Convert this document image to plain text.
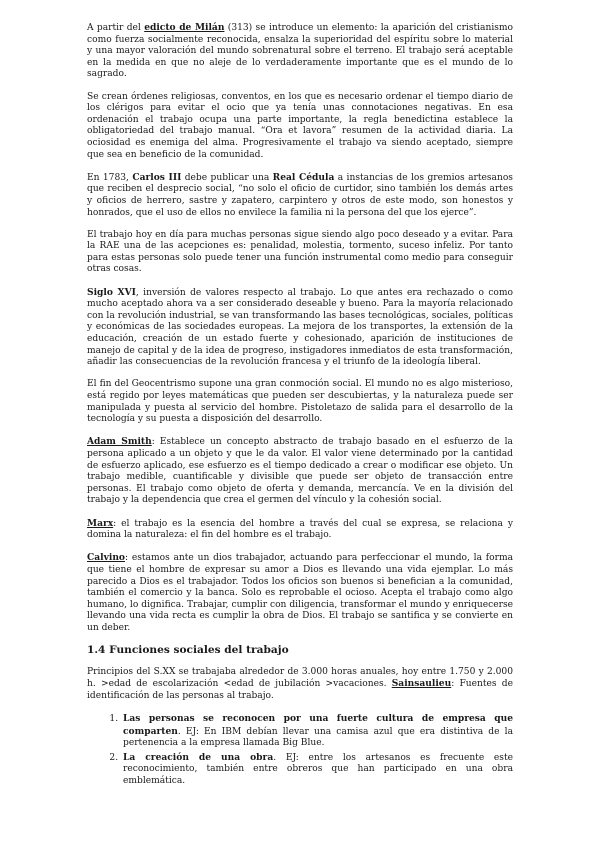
A partir del edicto de Milán (313) se introduce un elemento: la aparición del cristianismo como fuerza socialmente reconocida, ensalza la superioridad del espíritu sobre lo material y una mayor valoración del mundo sobrenatural sobre el terreno. El trabajo será aceptable en la medida en que no aleje de lo verdaderamente importante que es el mundo de lo sagrado.

Se crean órdenes religiosas, conventos, en los que es necesario ordenar el tiempo diario de los clérigos para evitar el ocio que ya tenía unas connotaciones negativas. En esa ordenación el trabajo ocupa una parte importante, la regla benedictina establece la obligatoriedad del trabajo manual. “Ora et lavora” resumen de la actividad diaria. La ociosidad es enemiga del alma. Progresivamente el trabajo va siendo aceptado, siempre que sea en beneficio de la comunidad.

En 1783, Carlos III debe publicar una Real Cédula a instancias de los gremios artesanos que reciben el desprecio social, “no solo el oficio de curtidor, sino también los demás artes y oficios de herrero, sastre y zapatero, carpintero y otros de este modo, son honestos y honrados, que el uso de ellos no envilece la familia ni la persona del que los ejerce”.

El trabajo hoy en día para muchas personas sigue siendo algo poco deseado y a evitar. Para la RAE una de las acepciones es: penalidad, molestia, tormento, suceso infeliz. Por tanto para estas personas solo puede tener una función instrumental como medio para conseguir otras cosas.

Siglo XVI, inversión de valores respecto al trabajo. Lo que antes era rechazado o como mucho aceptado ahora va a ser considerado deseable y bueno. Para la mayoría relacionado con la revolución industrial, se van transformando las bases tecnológicas, sociales, políticas y económicas de las sociedades europeas. La mejora de los transportes, la extensión de la educación, creación de un estado fuerte y cohesionado, aparición de instituciones de manejo de capital y de la idea de progreso, instigadores inmediatos de esta transformación, añadir las consecuencias de la revolución francesa y el triunfo de la ideología liberal.

El fin del Geocentrismo supone una gran conmoción social. El mundo no es algo misterioso, está regido por leyes matemáticas que pueden ser descubiertas, y la naturaleza puede ser manipulada y puesta al servicio del hombre. Pistoletazo de salida para el desarrollo de la tecnología y su puesta a disposición del desarrollo.

Adam Smith: Establece un concepto abstracto de trabajo basado en el esfuerzo de la persona aplicado a un objeto y que le da valor. El valor viene determinado por la cantidad de esfuerzo aplicado, ese esfuerzo es el tiempo dedicado a crear o modificar ese objeto. Un trabajo medible, cuantificable y divisible que puede ser objeto de transacción entre personas. El trabajo como objeto de oferta y demanda, mercancía. Ve en la división del trabajo y la dependencia que crea el germen del vínculo y la cohesión social.

Marx: el trabajo es la esencia del hombre a través del cual se expresa, se relaciona y domina la naturaleza: el fin del hombre es el trabajo.

Calvino: estamos ante un dios trabajador, actuando para perfeccionar el mundo, la forma que tiene el hombre de expresar su amor a Dios es llevando una vida ejemplar. Lo más parecido a Dios es el trabajador. Todos los oficios son buenos si benefician a la comunidad, también el comercio y la banca. Solo es reprobable el ocioso. Acepta el trabajo como algo humano, lo dignifica. Trabajar, cumplir con diligencia, transformar el mundo y enriquecerse llevando una vida recta es cumplir la obra de Dios. El trabajo se santifica y se convierte en un deber.

1.4 Funciones sociales del trabajo

Principios del S.XX se trabajaba alrededor de 3.000 horas anuales, hoy entre 1.750 y 2.000 h. >edad de escolarización <edad de jubilación >vacaciones. Sainsaulieu: Fuentes de identificación de las personas al trabajo.

1. Las personas se reconocen por una fuerte cultura de empresa que comparten. EJ: En IBM debían llevar una camisa azul que era distintiva de la pertenencia a la empresa llamada Big Blue.
2. La creación de una obra. EJ: entre los artesanos es frecuente este reconocimiento, también entre obreros que han participado en una obra emblemática.
